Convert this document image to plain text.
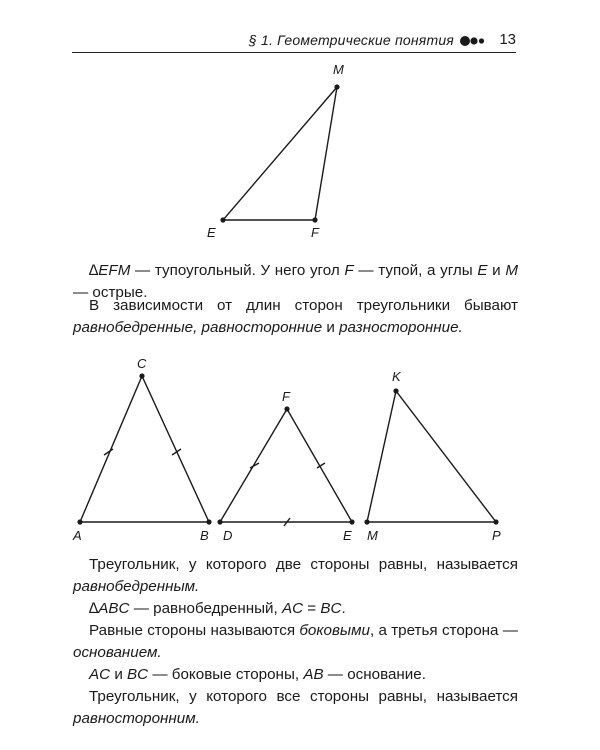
§ 1. Геометрические понятия	13
M
E	F

∆EFM — тупоугольный. У него угол F — тупой, а углы E и M — острые.

В зависимости от длин сторон треугольники бывают равнобедренные, равносторонние и разносторонние.

C
A	B
F
D	E
K
M	P

Треугольник, у которого две стороны равны, называется равнобедренным.

∆ABC — равнобедренный, AC = BC.

Равные стороны называются боковыми, а третья сторона — основанием.

AC и BC — боковые стороны, AB — основание.

Треугольник, у которого все стороны равны, называется равносторонним.
